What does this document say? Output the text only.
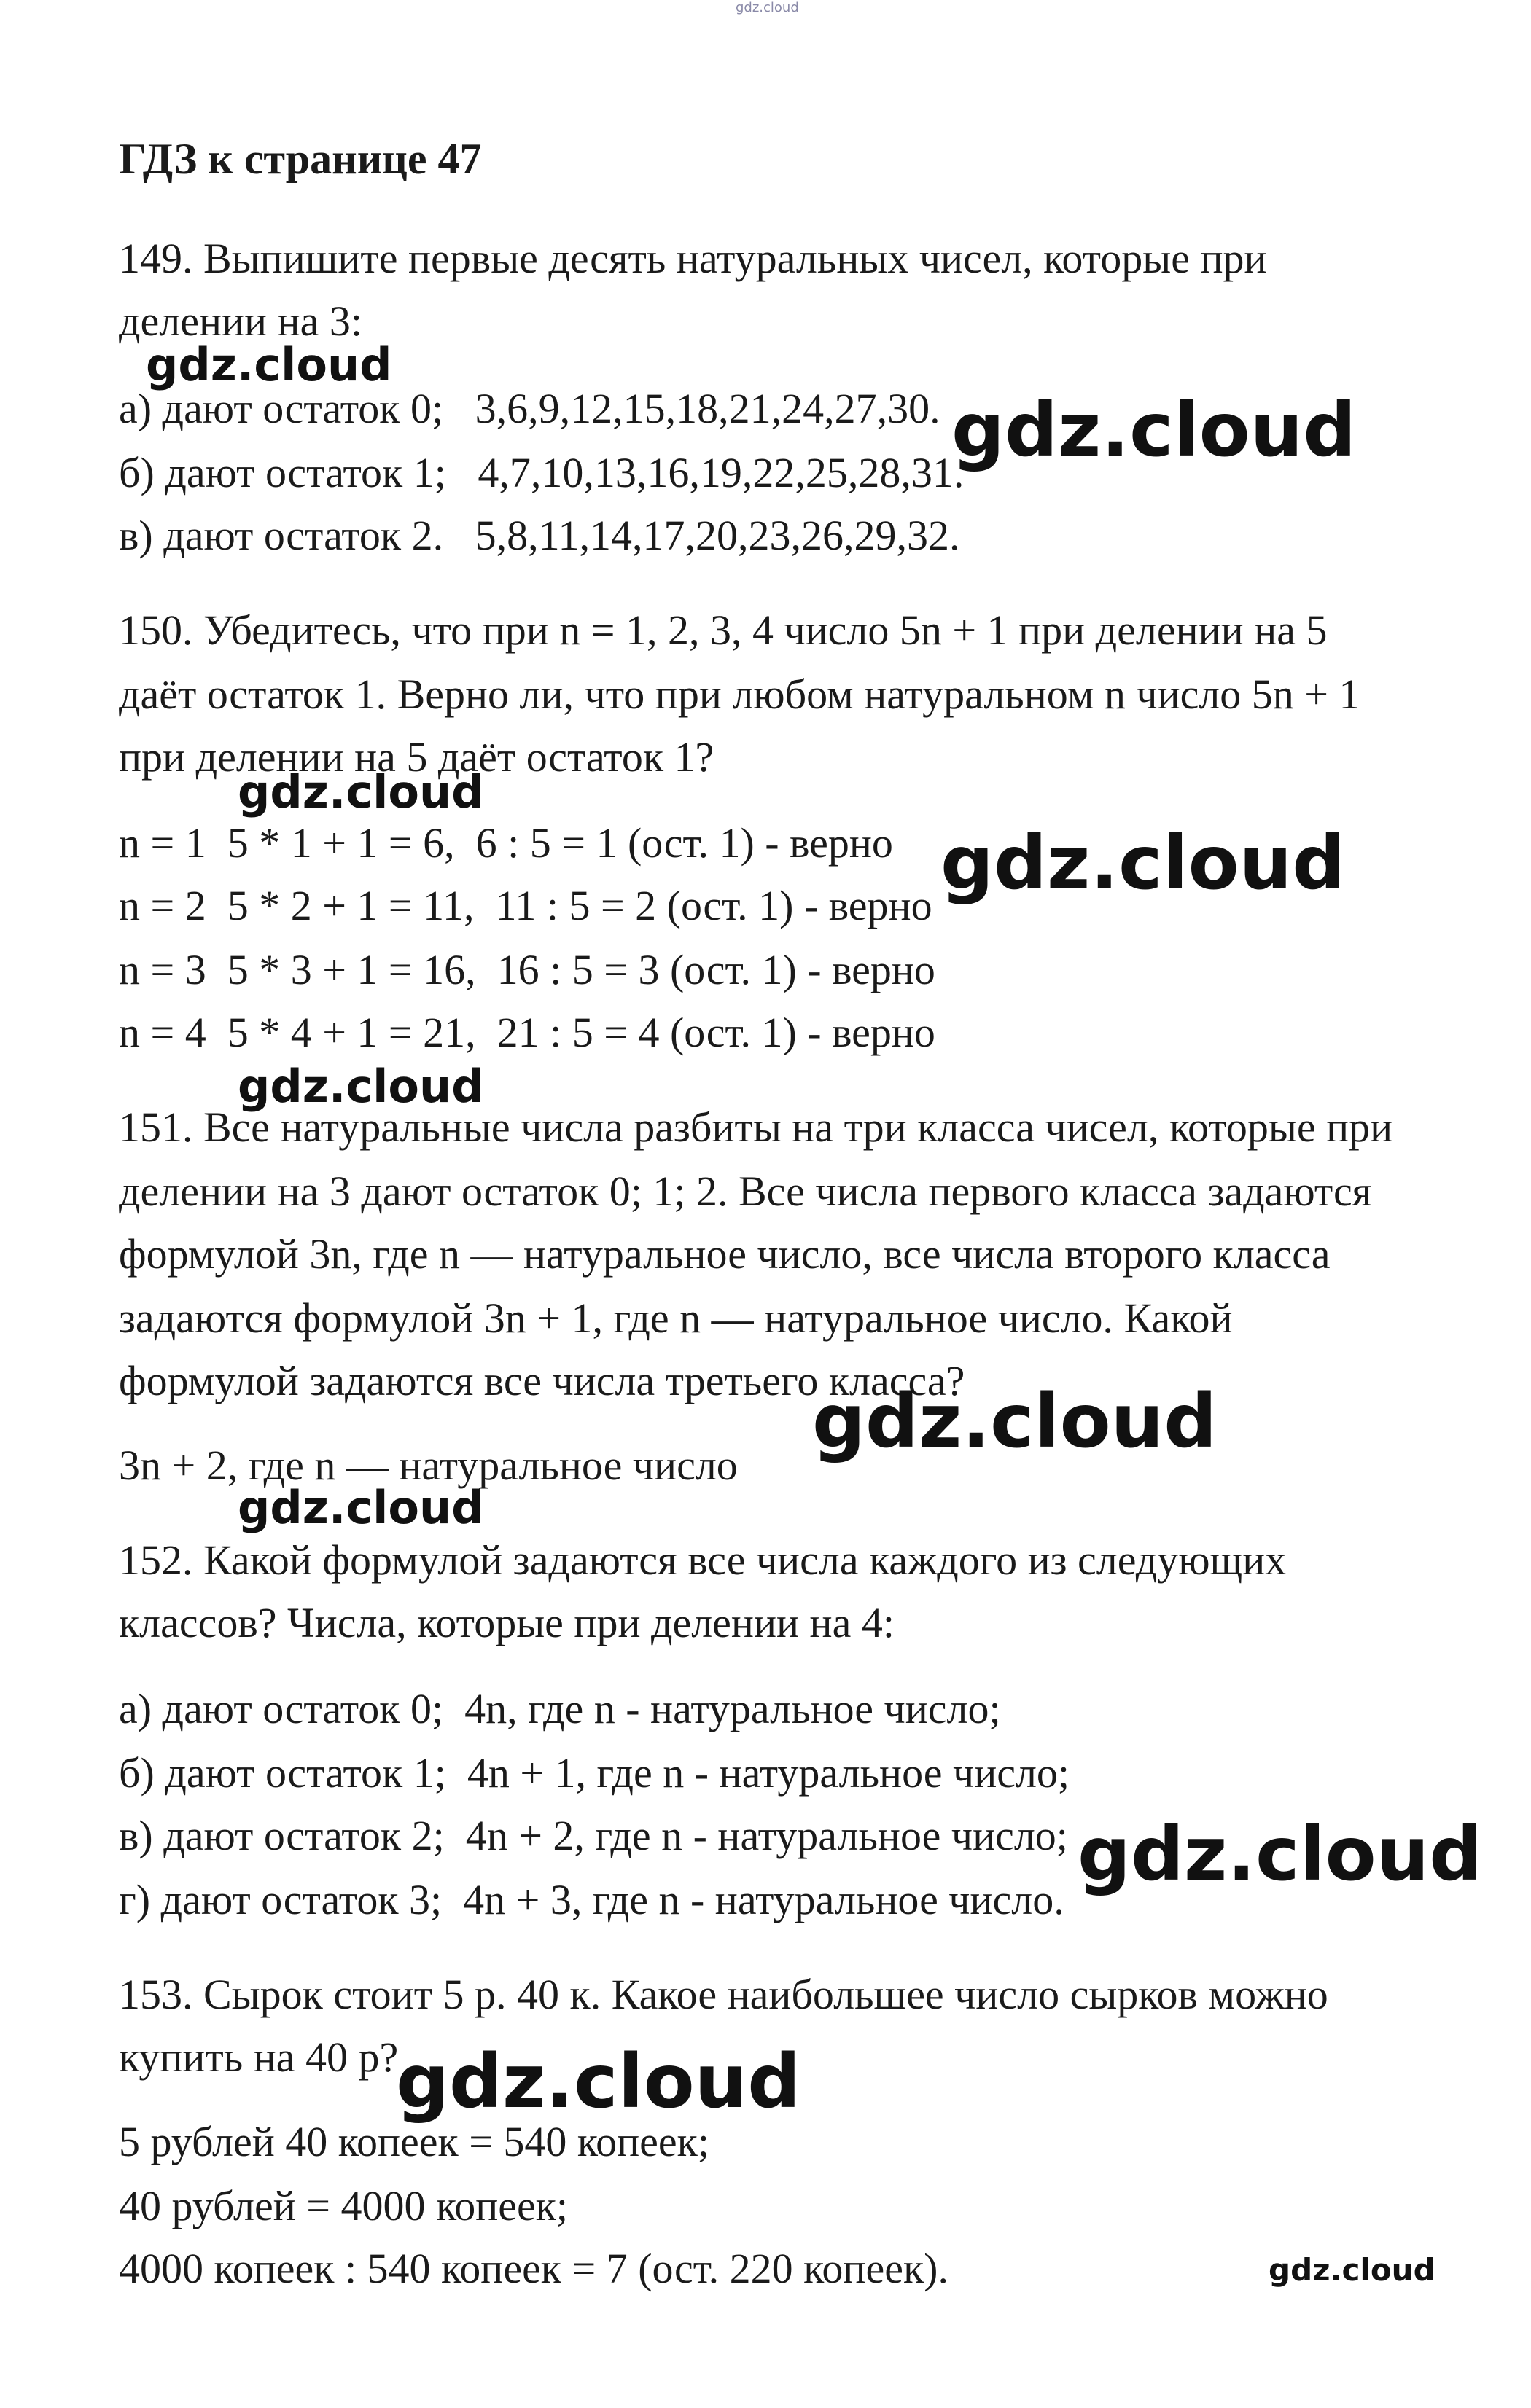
gdz.cloud
ГДЗ к странице 47
149. Выпишите первые десять натуральных чисел, которые при
делении на 3:
а) дают остаток 0;   3,6,9,12,15,18,21,24,27,30.
б) дают остаток 1;   4,7,10,13,16,19,22,25,28,31.
в) дают остаток 2.   5,8,11,14,17,20,23,26,29,32.
150. Убедитесь, что при n = 1, 2, 3, 4 число 5n + 1 при делении на 5
даёт остаток 1. Верно ли, что при любом натуральном n число 5n + 1
при делении на 5 даёт остаток 1?
n = 1  5 * 1 + 1 = 6,  6 : 5 = 1 (ост. 1) - верно
n = 2  5 * 2 + 1 = 11,  11 : 5 = 2 (ост. 1) - верно
n = 3  5 * 3 + 1 = 16,  16 : 5 = 3 (ост. 1) - верно
n = 4  5 * 4 + 1 = 21,  21 : 5 = 4 (ост. 1) - верно
151. Все натуральные числа разбиты на три класса чисел, которые при
делении на 3 дают остаток 0; 1; 2. Все числа первого класса задаются
формулой 3n, где n — натуральное число, все числа второго класса
задаются формулой 3n + 1, где n — натуральное число. Какой
формулой задаются все числа третьего класса?
3n + 2, где n — натуральное число
152. Какой формулой задаются все числа каждого из следующих
классов? Числа, которые при делении на 4:
а) дают остаток 0;  4n, где n - натуральное число;
б) дают остаток 1;  4n + 1, где n - натуральное число;
в) дают остаток 2;  4n + 2, где n - натуральное число;
г) дают остаток 3;  4n + 3, где n - натуральное число.
153. Сырок стоит 5 р. 40 к. Какое наибольшее число сырков можно
купить на 40 р?
5 рублей 40 копеек = 540 копеек;
40 рублей = 4000 копеек;
4000 копеек : 540 копеек = 7 (ост. 220 копеек).
gdz.cloud
gdz.cloud
gdz.cloud
gdz.cloud
gdz.cloud
gdz.cloud
gdz.cloud
gdz.cloud
gdz.cloud
gdz.cloud
